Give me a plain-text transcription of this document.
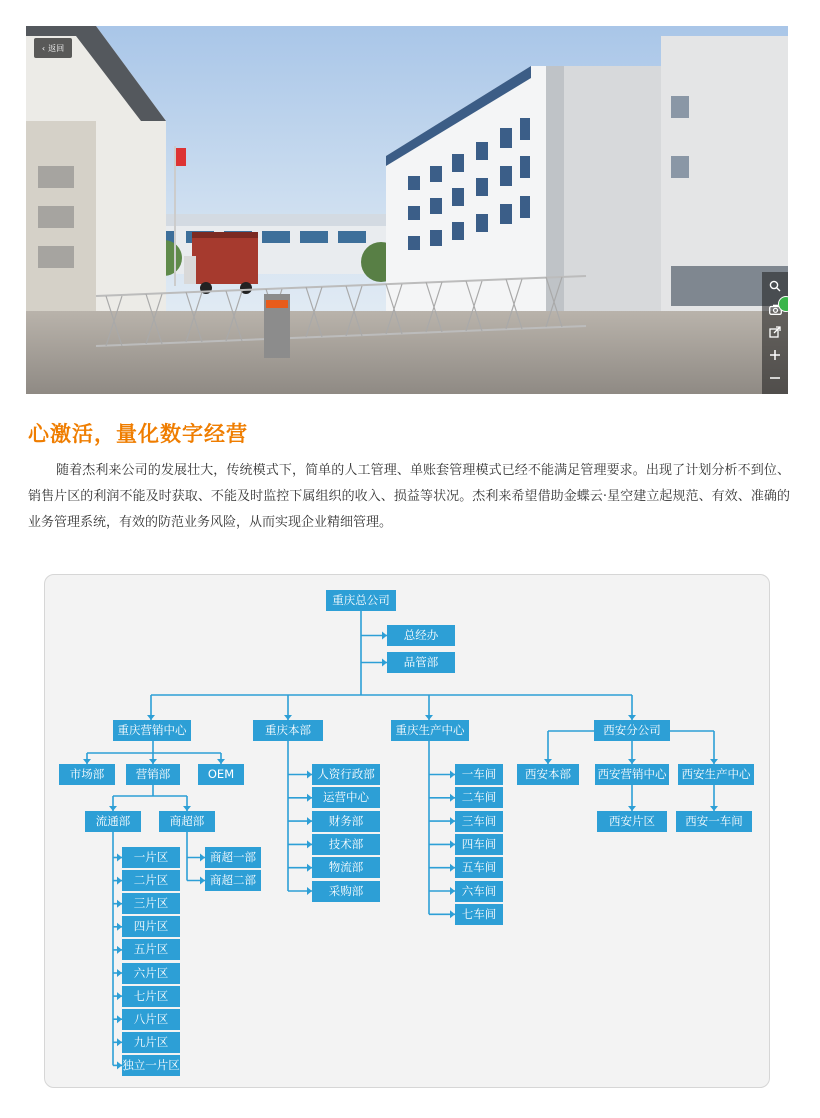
‹ 返回
心激活，量化数字经营

随着杰利来公司的发展壮大，传统模式下，简单的人工管理、单账套管理模式已经不能满足管理要求。出现了计划分析不到位、销售片区的利润不能及时获取、不能及时监控下属组织的收入、损益等状况。杰利来希望借助金蝶云·星空建立起规范、有效、准确的业务管理系统，有效的防范业务风险，从而实现企业精细管理。

重庆总公司
总经办
品管部
重庆营销中心	重庆本部	重庆生产中心	西安分公司
市场部	营销部	OEM
流通部	商超部
一片区
二片区
三片区
四片区
五片区
六片区
七片区
八片区
九片区
独立一片区
商超一部
商超二部
人资行政部
运营中心
财务部
技术部
物流部
采购部
一车间
二车间
三车间
四车间
五车间
六车间
七车间
西安本部	西安营销中心
西安片区
西安生产中心
西安一车间
